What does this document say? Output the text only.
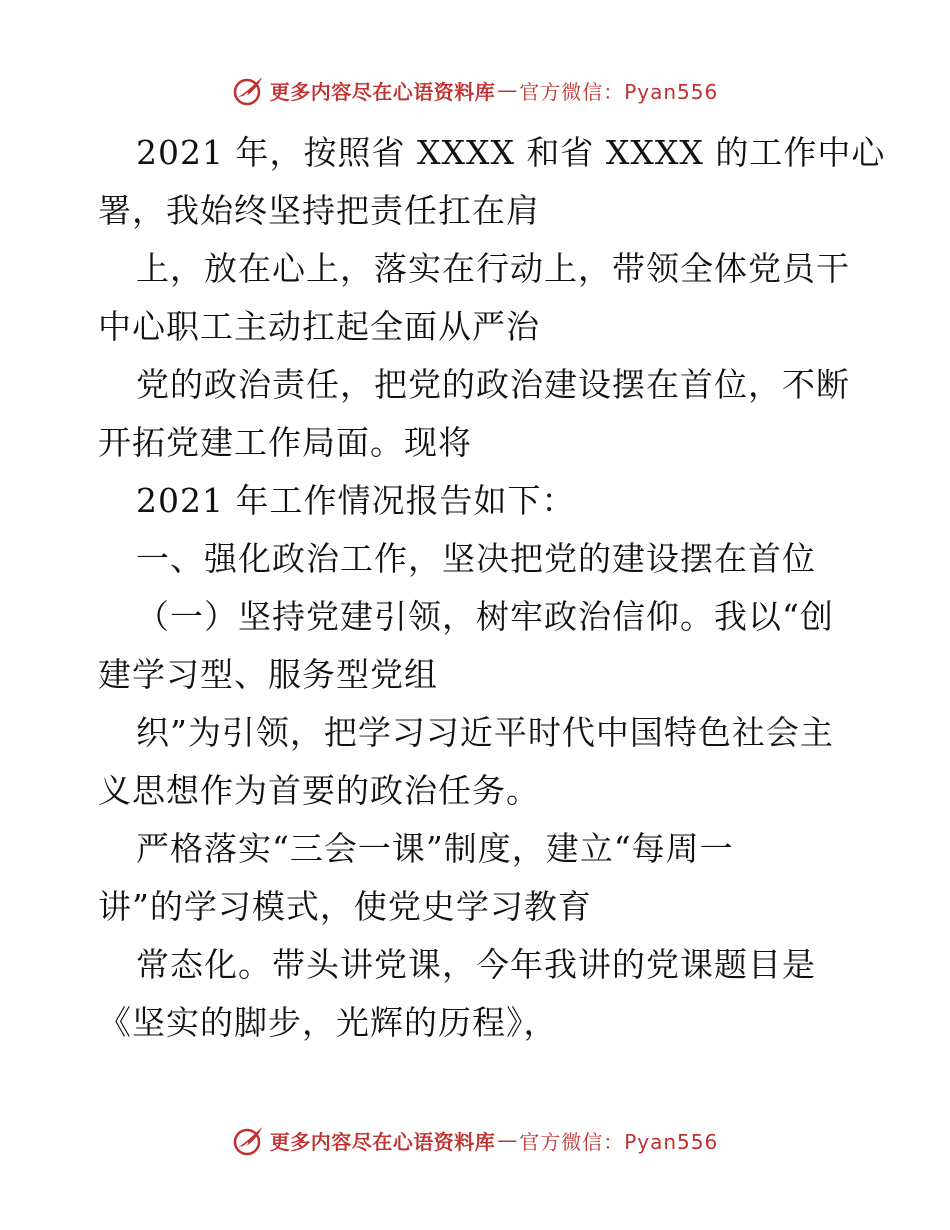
更多内容尽在心语资料库 — 官方微信：Pyan556
2021 年，按照省 XXXX 和省 XXXX 的工作中心
署，我始终坚持把责任扛在肩
上，放在心上，落实在行动上，带领全体党员干
中心职工主动扛起全面从严治
党的政治责任，把党的政治建设摆在首位，不断
开拓党建工作局面。现将
2021 年工作情况报告如下：
一、强化政治工作，坚决把党的建设摆在首位
（一）坚持党建引领，树牢政治信仰。我以“创
建学习型、服务型党组
织”为引领，把学习习近平时代中国特色社会主
义思想作为首要的政治任务。
严格落实“三会一课”制度，建立“每周一
讲”的学习模式，使党史学习教育
常态化。带头讲党课，今年我讲的党课题目是
《坚实的脚步，光辉的历程》，
更多内容尽在心语资料库 — 官方微信：Pyan556
